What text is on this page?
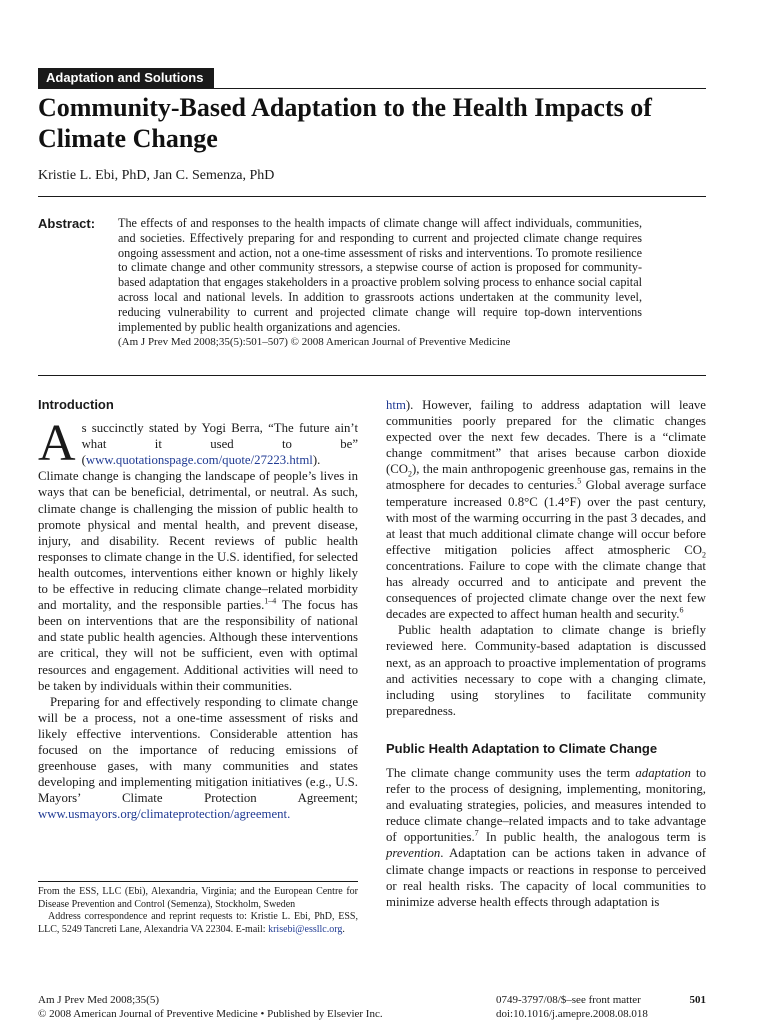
Adaptation and Solutions
Community-Based Adaptation to the Health Impacts of Climate Change
Kristie L. Ebi, PhD, Jan C. Semenza, PhD
Abstract: The effects of and responses to the health impacts of climate change will affect individuals, communities, and societies. Effectively preparing for and responding to current and projected climate change requires ongoing assessment and action, not a one-time assessment of risks and interventions. To promote resilience to climate change and other community stressors, a stepwise course of action is proposed for community-based adaptation that engages stakeholders in a proactive problem solving process to enhance social capital across local and national levels. In addition to grassroots actions undertaken at the community level, reducing vulnerability to current and projected climate change will require top-down interventions implemented by public health organizations and agencies.
(Am J Prev Med 2008;35(5):501–507) © 2008 American Journal of Preventive Medicine
Introduction

As succinctly stated by Yogi Berra, “The future ain’t what it used to be” (www.quotationspage.com/quote/27223.html). Climate change is changing the landscape of people’s lives in ways that can be beneficial, detrimental, or neutral. As such, climate change is challenging the mission of public health to promote physical and mental health, and prevent disease, injury, and disability. Recent reviews of public health responses to climate change in the U.S. identified, for selected health outcomes, interventions either known or highly likely to be effective in reducing climate change–related morbidity and mortality, and the responsible parties.$^{1-4}$ The focus has been on interventions that are the responsibility of national and state public health agencies. Although these interventions are critical, they will not be sufficient, even with optimal resources and engagement. Additional activities will need to be taken by individuals within their communities.

Preparing for and effectively responding to climate change will be a process, not a one-time assessment of risks and likely effective interventions. Considerable attention has focused on the importance of reducing emissions of greenhouse gases, with many communities and states developing and implementing mitigation initiatives (e.g., U.S. Mayors’ Climate Protection Agreement; www.usmayors.org/climateprotection/agreement.

From the ESS, LLC (Ebi), Alexandria, Virginia; and the European Centre for Disease Prevention and Control (Semenza), Stockholm, Sweden

Address correspondence and reprint requests to: Kristie L. Ebi, PhD, ESS, LLC, 5249 Tancreti Lane, Alexandria VA 22304. E-mail: krisebi@essllc.org.

htm). However, failing to address adaptation will leave communities poorly prepared for the climatic changes expected over the next few decades. There is a “climate change commitment” that arises because carbon dioxide $(CO_2)$, the main anthropogenic greenhouse gas, remains in the atmosphere for decades to centuries.$^5$ Global average surface temperature increased 0.8°C (1.4°F) over the past century, with most of the warming occurring in the past 3 decades, and at least that much additional climate change will occur before effective mitigation policies affect atmospheric $CO_2$ concentrations. Failure to cope with the climate change that has already occurred and to anticipate and prevent the consequences of projected climate change over the next few decades are expected to affect human health and security.$^6$

Public health adaptation to climate change is briefly reviewed here. Community-based adaptation is discussed next, as an approach to proactive implementation of programs and activities necessary to cope with a changing climate, including using storylines to facilitate community preparedness.

Public Health Adaptation to Climate Change

The climate change community uses the term adaptation to refer to the process of designing, implementing, monitoring, and evaluating strategies, policies, and measures intended to reduce climate change–related impacts and to take advantage of opportunities.$^7$ In public health, the analogous term is prevention. Adaptation can be actions taken in advance of climate change impacts or reactions in response to perceived or real health risks. The capacity of local communities to minimize adverse health effects through adaptation is

Am J Prev Med 2008;35(5)
© 2008 American Journal of Preventive Medicine • Published by Elsevier Inc.
0749-3797/08/$–see front matter	501
doi:10.1016/j.amepre.2008.08.018
